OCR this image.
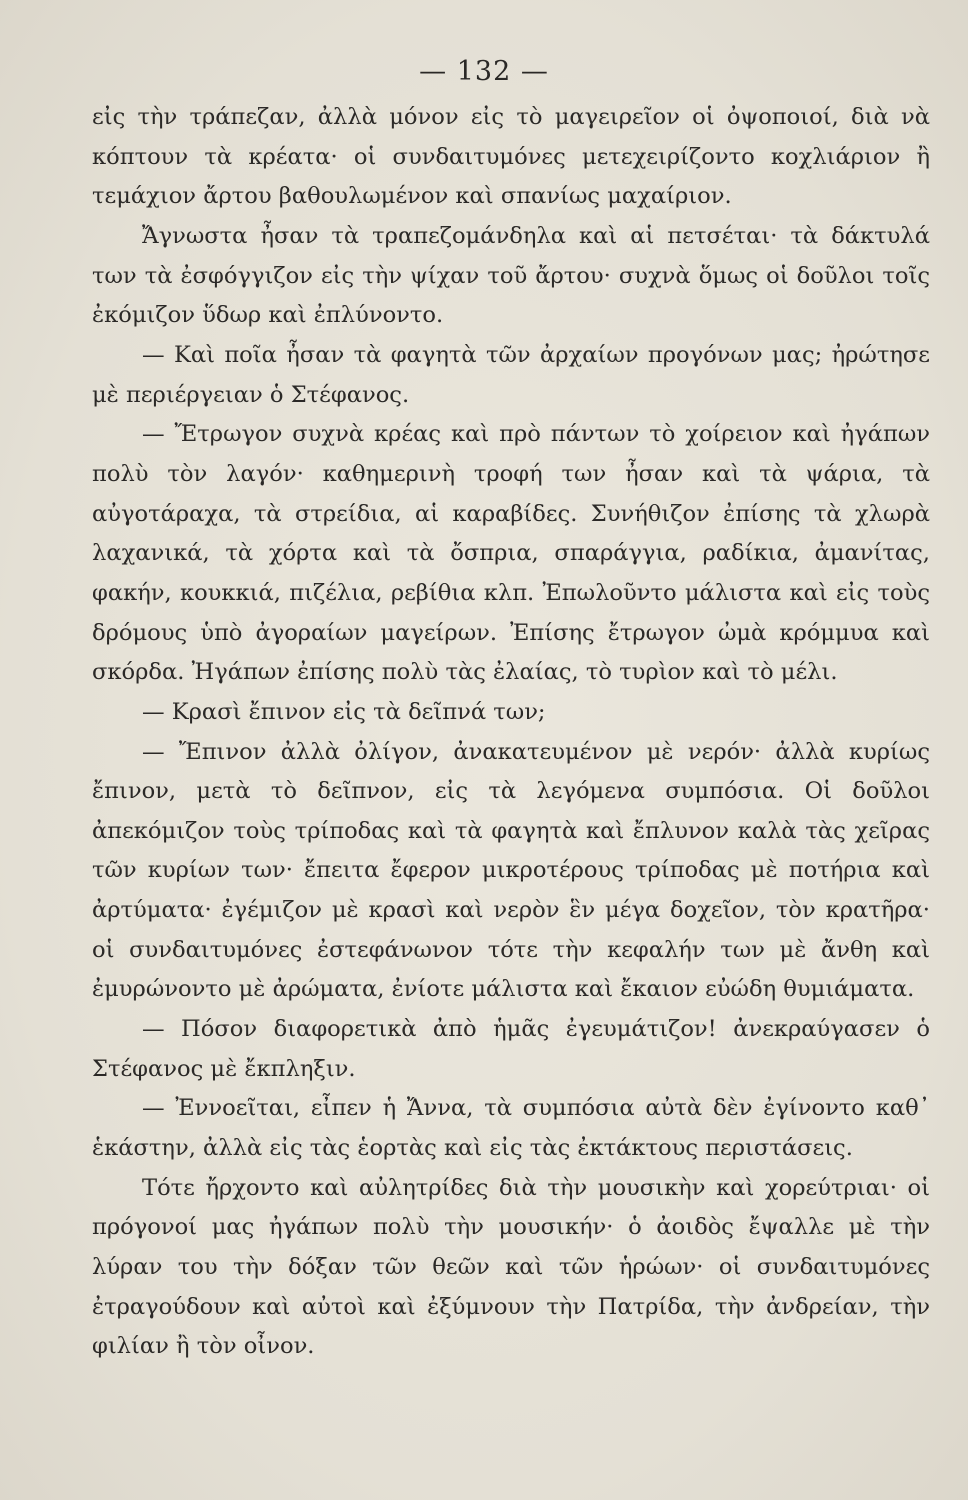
— 132 —

εἰς τὴν τράπεζαν, ἀλλὰ μόνον εἰς τὸ μαγειρεῖον οἱ ὀψοποιοί, διὰ νὰ κόπτουν τὰ κρέατα· οἱ συνδαιτυμόνες μετεχειρίζοντο κοχλιάριον ἢ τεμάχιον ἄρτου βαθουλωμένον καὶ σπανίως μαχαίριον.

Ἄγνωστα ἦσαν τὰ τραπεζομάνδηλα καὶ αἱ πετσέται· τὰ δάκτυλά των τὰ ἐσφόγγιζον εἰς τὴν ψίχαν τοῦ ἄρτου· συχνὰ ὅμως οἱ δοῦλοι τοῖς ἐκόμιζον ὕδωρ καὶ ἐπλύνοντο.

— Καὶ ποῖα ἦσαν τὰ φαγητὰ τῶν ἀρχαίων προγόνων μας; ἠρώτησε μὲ περιέργειαν ὁ Στέφανος.

— Ἔτρωγον συχνὰ κρέας καὶ πρὸ πάντων τὸ χοίρειον καὶ ἠγάπων πολὺ τὸν λαγόν· καθημερινὴ τροφή των ἦσαν καὶ τὰ ψάρια, τὰ αὐγοτάραχα, τὰ στρείδια, αἱ καραβίδες. Συνήθιζον ἐπίσης τὰ χλωρὰ λαχανικά, τὰ χόρτα καὶ τὰ ὄσπρια, σπαράγγια, ραδίκια, ἀμανίτας, φακήν, κουκκιά, πιζέλια, ρεβίθια κλπ. Ἐπωλοῦντο μάλιστα καὶ εἰς τοὺς δρόμους ὑπὸ ἀγοραίων μαγείρων. Ἐπίσης ἔτρωγον ὠμὰ κρόμμυα καὶ σκόρδα. Ἠγάπων ἐπίσης πολὺ τὰς ἐλαίας, τὸ τυρὶον καὶ τὸ μέλι.

— Κρασὶ ἔπινον εἰς τὰ δεῖπνά των;

— Ἔπινον ἀλλὰ ὀλίγον, ἀνακατευμένον μὲ νερόν· ἀλλὰ κυρίως ἔπινον, μετὰ τὸ δεῖπνον, εἰς τὰ λεγόμενα συμπόσια. Οἱ δοῦλοι ἀπεκόμιζον τοὺς τρίποδας καὶ τὰ φαγητὰ καὶ ἔπλυνον καλὰ τὰς χεῖρας τῶν κυρίων των· ἔπειτα ἔφερον μικροτέρους τρίποδας μὲ ποτήρια καὶ ἀρτύματα· ἐγέμιζον μὲ κρασὶ καὶ νερὸν ἓν μέγα δοχεῖον, τὸν κρατῆρα· οἱ συνδαιτυμόνες ἐστεφάνωνον τότε τὴν κεφαλήν των μὲ ἄνθη καὶ ἐμυρώνοντο μὲ ἀρώματα, ἐνίοτε μάλιστα καὶ ἔκαιον εὐώδη θυμιάματα.

— Πόσον διαφορετικὰ ἀπὸ ἡμᾶς ἐγευμάτιζον! ἀνεκραύγασεν ὁ Στέφανος μὲ ἔκπληξιν.

— Ἐννοεῖται, εἶπεν ἡ Ἄννα, τὰ συμπόσια αὐτὰ δὲν ἐγίνοντο καθ᾽ ἑκάστην, ἀλλὰ εἰς τὰς ἑορτὰς καὶ εἰς τὰς ἐκτάκτους περιστάσεις.

Τότε ἤρχοντο καὶ αὐλητρίδες διὰ τὴν μουσικὴν καὶ χορεύτριαι· οἱ πρόγονοί μας ἠγάπων πολὺ τὴν μουσικήν· ὁ ἀοιδὸς ἔψαλλε μὲ τὴν λύραν του τὴν δόξαν τῶν θεῶν καὶ τῶν ἡρώων· οἱ συνδαιτυμόνες ἐτραγούδουν καὶ αὐτοὶ καὶ ἐξύμνουν τὴν Πατρίδα, τὴν ἀνδρείαν, τὴν φιλίαν ἢ τὸν οἶνον.
